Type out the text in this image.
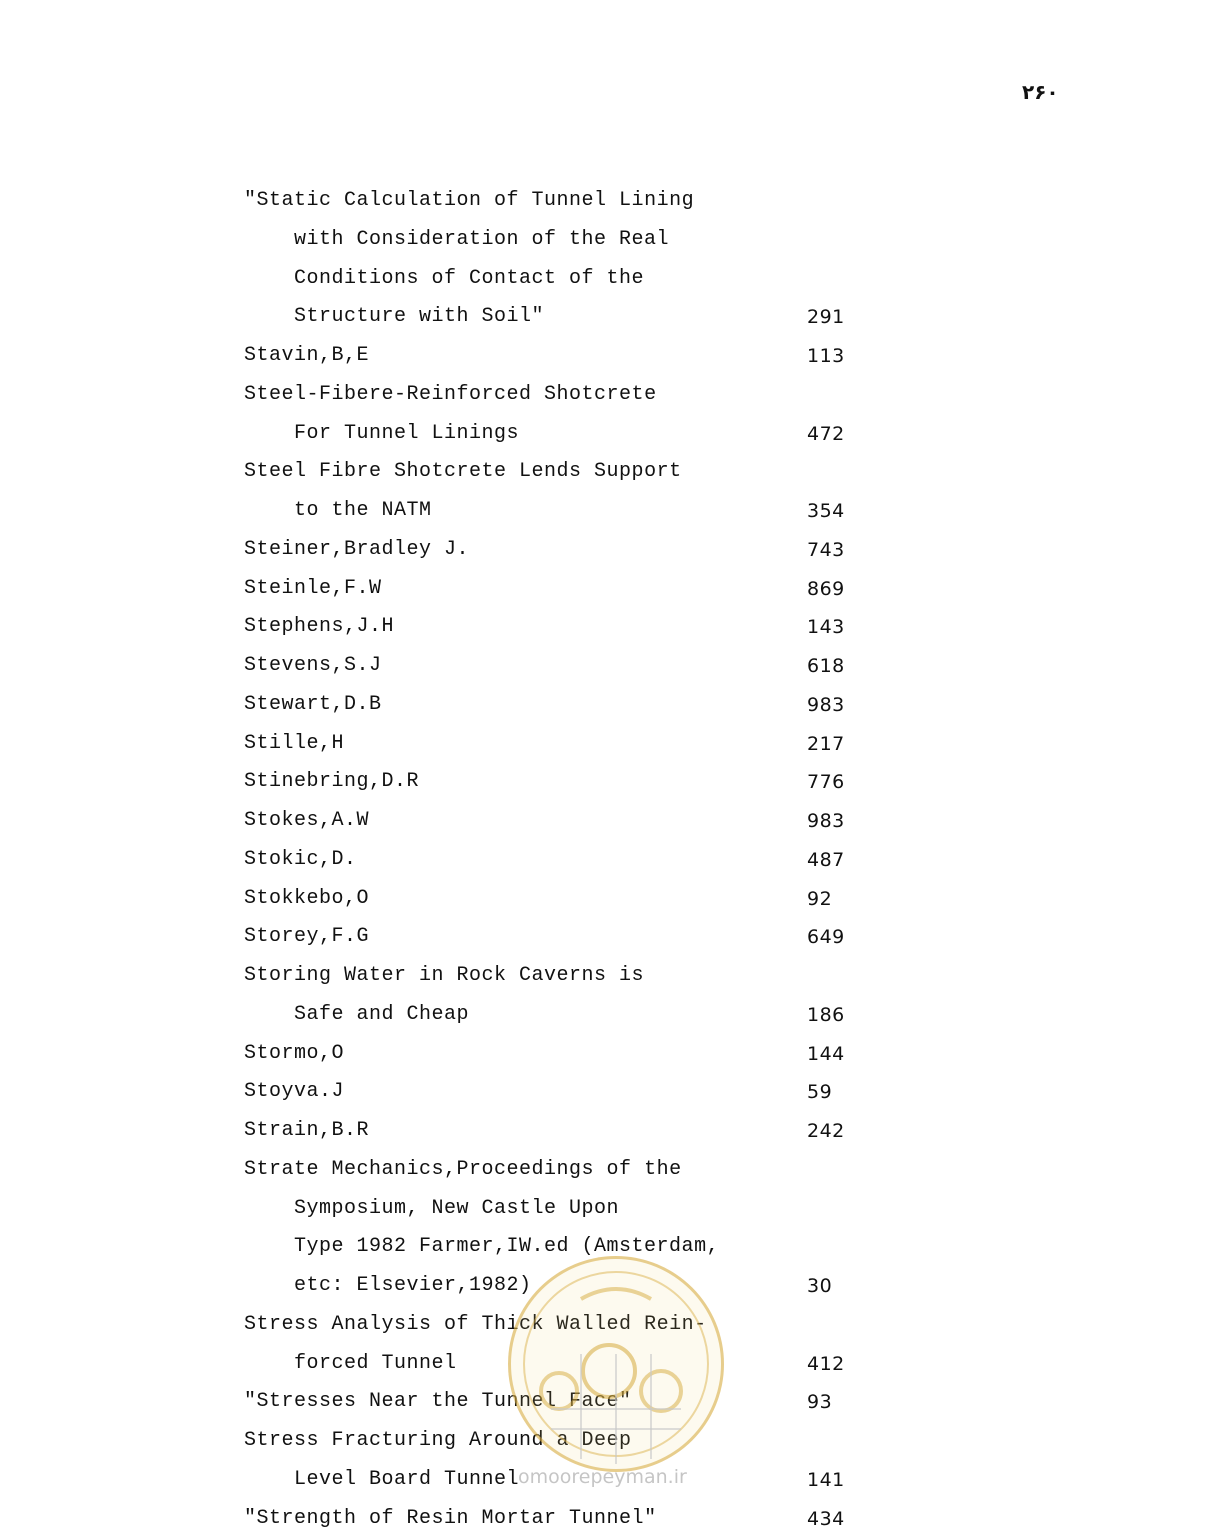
۲۶۰
"Static Calculation of Tunnel Lining
with Consideration of the Real
Conditions of Contact of the
Structure with Soil"	291
Stavin,B,E	113
Steel-Fibere-Reinforced Shotcrete
For Tunnel Linings	472
Steel Fibre Shotcrete Lends Support
to the NATM	354
Steiner,Bradley J.	743
Steinle,F.W	869
Stephens,J.H	143
Stevens,S.J	618
Stewart,D.B	983
Stille,H	217
Stinebring,D.R	776
Stokes,A.W	983
Stokic,D.	487
Stokkebo,O	92
Storey,F.G	649
Storing Water in Rock Caverns is
Safe and Cheap	186
Stormo,O	144
Stoyva.J	59
Strain,B.R	242
Strate Mechanics,Proceedings of the
Symposium, New Castle Upon
Type 1982 Farmer,IW.ed (Amsterdam,
etc: Elsevier,1982)	30
Stress Analysis of Thick Walled Rein-
forced Tunnel	412
"Stresses Near the Tunnel Face"	93
Stress Fracturing Around a Deep
Level Board Tunnel	141
"Strength of Resin Mortar Tunnel"	434
omoorepeyman.ir
